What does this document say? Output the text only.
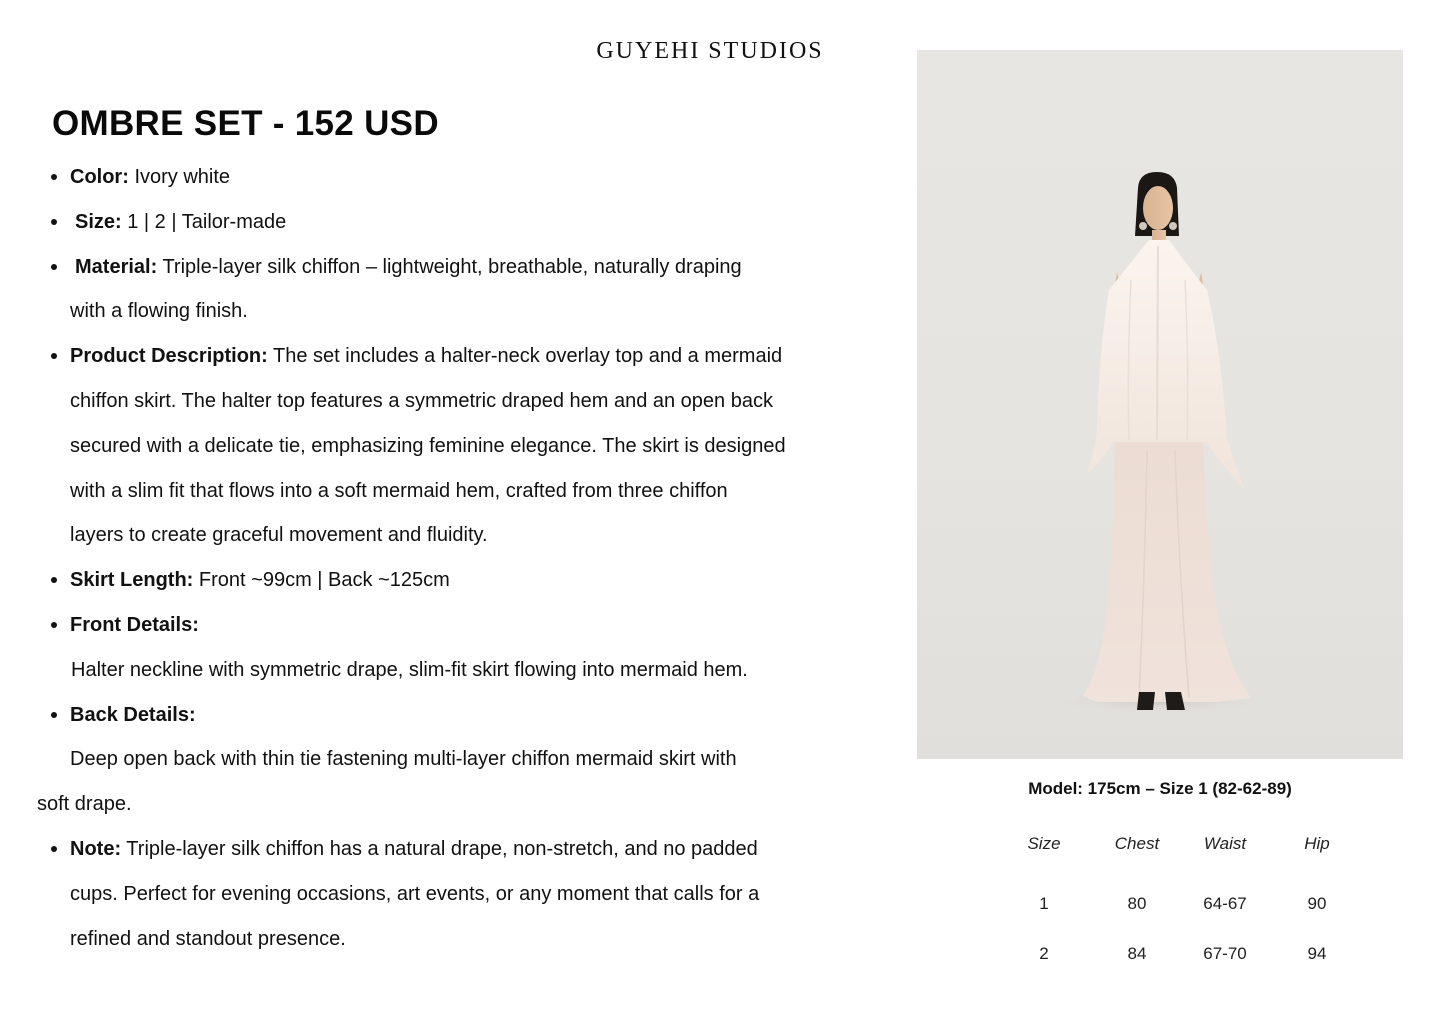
GUYEHI STUDIOS
OMBRE SET - 152 USD
Color: Ivory white
Size: 1 | 2 | Tailor-made
Material: Triple-layer silk chiffon – lightweight, breathable, naturally draping
with a flowing finish.
Product Description: The set includes a halter-neck overlay top and a mermaid
chiffon skirt. The halter top features a symmetric draped hem and an open back
secured with a delicate tie, emphasizing feminine elegance. The skirt is designed
with a slim fit that flows into a soft mermaid hem, crafted from three chiffon
layers to create graceful movement and fluidity.
Skirt Length: Front ~99cm | Back ~125cm
Front Details:
Halter neckline with symmetric drape, slim-fit skirt flowing into mermaid hem.
Back Details:
Deep open back with thin tie fastening multi-layer chiffon mermaid skirt with
soft drape.
Note: Triple-layer silk chiffon has a natural drape, non-stretch, and no padded
cups. Perfect for evening occasions, art events, or any moment that calls for a
refined and standout presence.
Model: 175cm – Size 1 (82-62-89)
Size	Chest	Waist	Hip
1	80	64-67	90
2	84	67-70	94
